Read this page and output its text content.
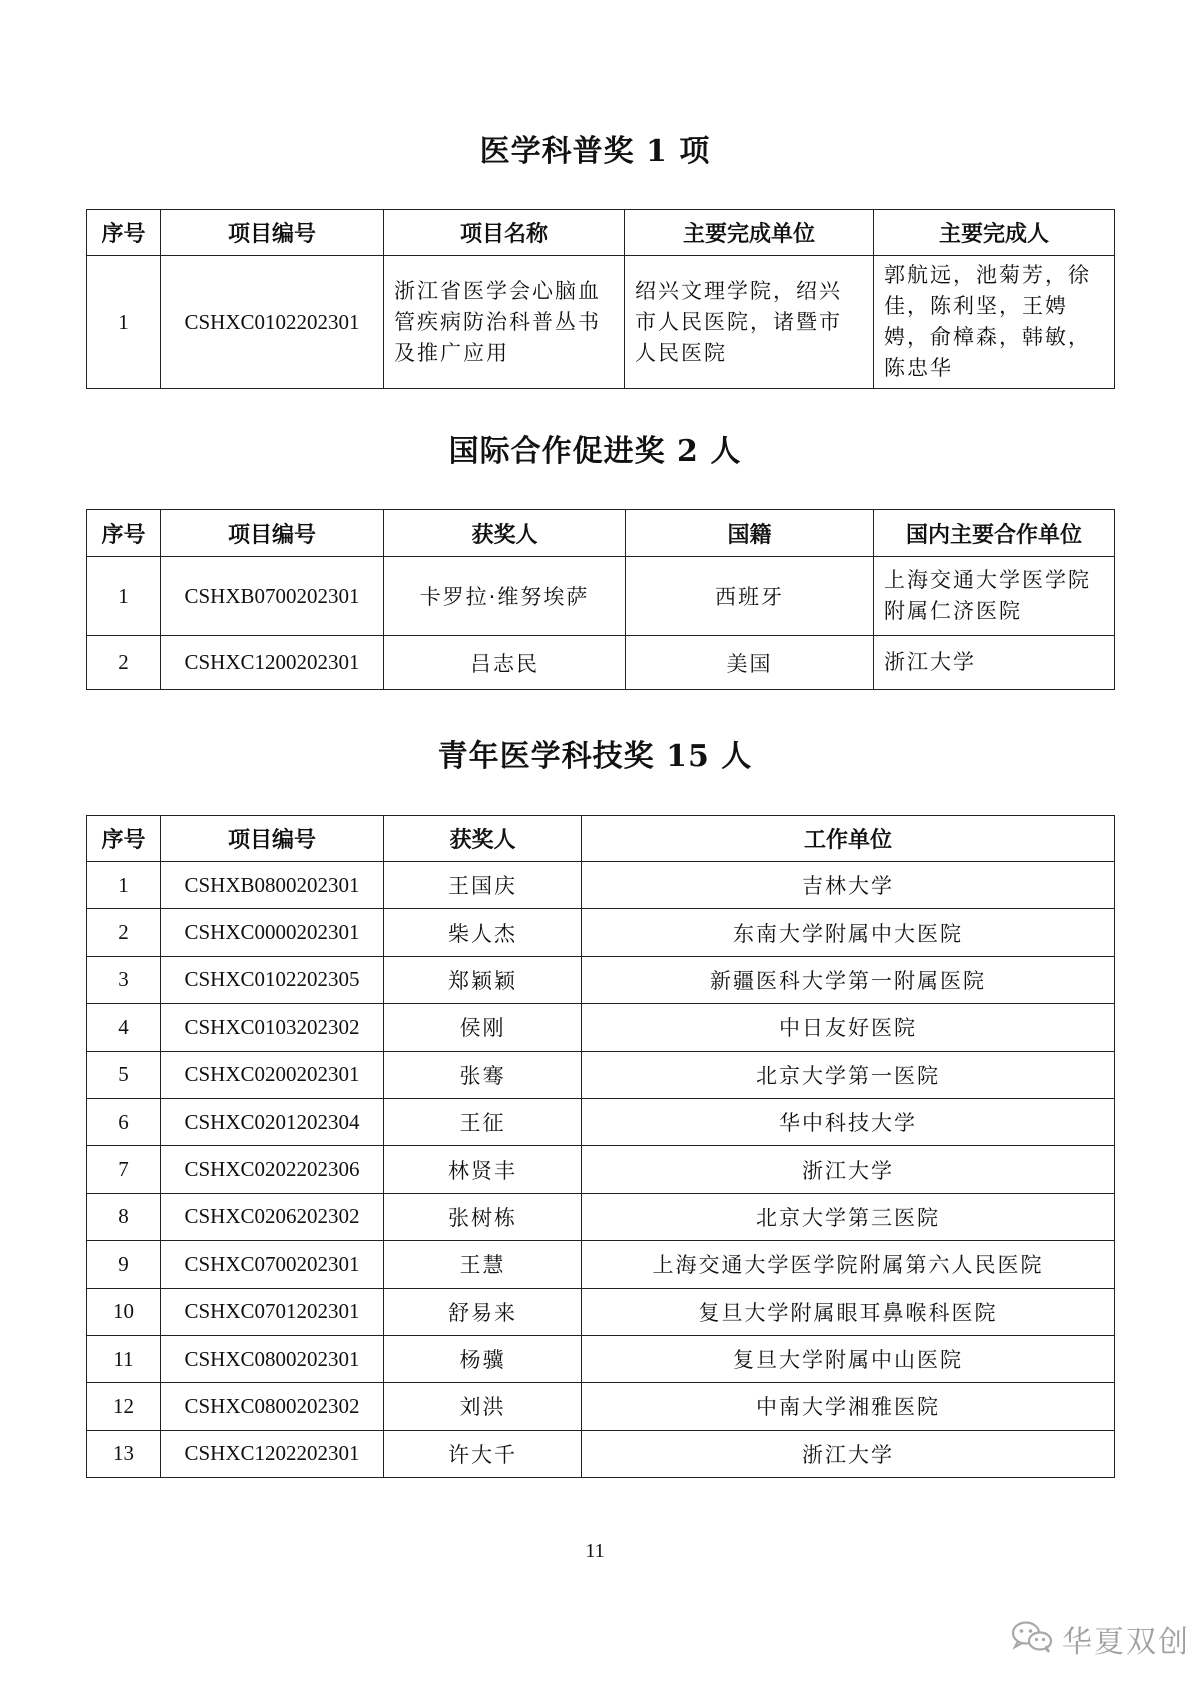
医学科普奖 1 项
序号	项目编号	项目名称	主要完成单位	主要完成人
1	CSHXC0102202301	浙江省医学会心脑血管疾病防治科普丛书及推广应用	绍兴文理学院，绍兴市人民医院，诸暨市人民医院	郭航远，池菊芳，徐佳，陈利坚，王娉娉，俞樟森，韩敏，陈忠华
国际合作促进奖 2 人
序号	项目编号	获奖人	国籍	国内主要合作单位
1	CSHXB0700202301	卡罗拉·维努埃萨	西班牙	上海交通大学医学院附属仁济医院
2	CSHXC1200202301	吕志民	美国	浙江大学
青年医学科技奖 15 人
序号	项目编号	获奖人	工作单位
1	CSHXB0800202301	王国庆	吉林大学
2	CSHXC0000202301	柴人杰	东南大学附属中大医院
3	CSHXC0102202305	郑颖颖	新疆医科大学第一附属医院
4	CSHXC0103202302	侯刚	中日友好医院
5	CSHXC0200202301	张骞	北京大学第一医院
6	CSHXC0201202304	王征	华中科技大学
7	CSHXC0202202306	林贤丰	浙江大学
8	CSHXC0206202302	张树栋	北京大学第三医院
9	CSHXC0700202301	王慧	上海交通大学医学院附属第六人民医院
10	CSHXC0701202301	舒易来	复旦大学附属眼耳鼻喉科医院
11	CSHXC0800202301	杨骥	复旦大学附属中山医院
12	CSHXC0800202302	刘洪	中南大学湘雅医院
13	CSHXC1202202301	许大千	浙江大学
11
华夏双创
